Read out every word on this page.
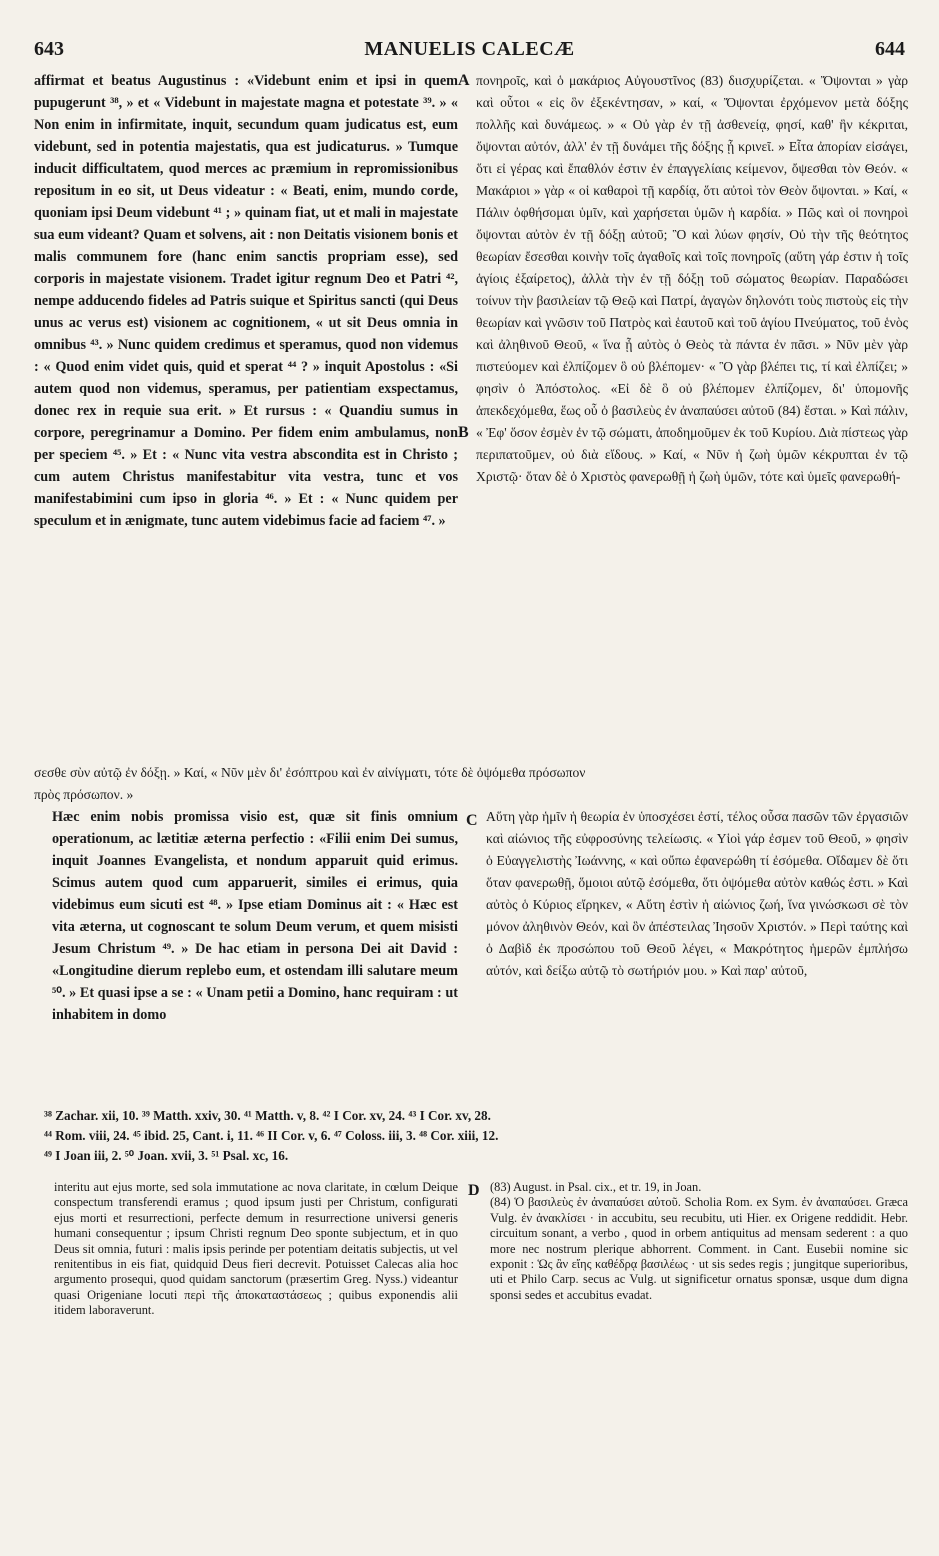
643	MANUELIS CALECÆ	644
affirmat et beatus Augustinus : «Videbunt enim et ipsi in quem pupugerunt ³⁸, » et « Videbunt in majestate magna et potestate ³⁹. » « Non enim in infirmitate, inquit, secundum quam judicatus est, eum videbunt, sed in potentia majestatis, qua est judicaturus. » Tumque inducit difficultatem, quod merces ac præmium in repromissionibus repositum in eo sit, ut Deus videatur : « Beati, enim, mundo corde, quoniam ipsi Deum videbunt ⁴¹ ; » quinam fiat, ut et mali in majestate sua eum videant? Quam et solvens, ait : non Deitatis visionem bonis et malis communem fore (hanc enim sanctis propriam esse), sed corporis in majestate visionem. Tradet igitur regnum Deo et Patri ⁴², nempe adducendo fideles ad Patris suique et Spiritus sancti (qui Deus unus ac verus est) visionem ac cognitionem, « ut sit Deus omnia in omnibus ⁴³. » Nunc quidem credimus et speramus, quod non videmus : « Quod enim videt quis, quid et sperat ⁴⁴ ? » inquit Apostolus : «Si autem quod non videmus, speramus, per patientiam exspectamus, donec rex in requie sua erit. » Et rursus : « Quandiu sumus in corpore, peregrinamur a Domino. Per fidem enim ambulamus, non per speciem ⁴⁵. » Et : « Nunc vita vestra abscondita est in Christo ; cum autem Christus manifestabitur vita vestra, tunc et vos manifestabimini cum ipso in gloria ⁴⁶. » Et : « Nunc quidem per speculum et in ænigmate, tunc autem videbimus facie ad faciem ⁴⁷. »
πονηροῖς, καὶ ὁ μακάριος Αὐγουστῖνος (83) διισχυρίζεται. « Ὄψονται » γὰρ καὶ οὗτοι « εἰς ὃν ἐξεκέντησαν, » καί, « Ὄψονται ἐρχόμενον μετὰ δόξης πολλῆς καὶ δυνάμεως. » « Οὐ γὰρ ἐν τῇ ἀσθενείᾳ, φησί, καθ' ἣν κέκριται, ὄψονται αὐτόν, ἀλλ' ἐν τῇ δυνάμει τῆς δόξης ᾗ κρινεῖ. » Εἶτα ἀπορίαν εἰσάγει, ὅτι εἰ γέρας καὶ ἔπαθλόν ἐστιν ἐν ἐπαγγελίαις κείμενον, ὄψεσθαι τὸν Θεόν. « Μακάριοι » γὰρ « οἱ καθαροὶ τῇ καρδίᾳ, ὅτι αὐτοὶ τὸν Θεὸν ὄψονται. » Καί, « Πάλιν ὀφθήσομαι ὑμῖν, καὶ χαρήσεται ὑμῶν ἡ καρδία. » Πῶς καὶ οἱ πονηροὶ ὄψονται αὐτὸν ἐν τῇ δόξῃ αὐτοῦ; Ὃ καὶ λύων φησίν, Οὐ τὴν τῆς θεότητος θεωρίαν ἔσεσθαι κοινὴν τοῖς ἀγαθοῖς καὶ τοῖς πονηροῖς (αὕτη γάρ ἐστιν ἡ τοῖς ἁγίοις ἐξαίρετος), ἀλλὰ τὴν ἐν τῇ δόξῃ τοῦ σώματος θεωρίαν. Παραδώσει τοίνυν τὴν βασιλείαν τῷ Θεῷ καὶ Πατρί, ἀγαγὼν δηλονότι τοὺς πιστοὺς εἰς τὴν θεωρίαν καὶ γνῶσιν τοῦ Πατρὸς καὶ ἑαυτοῦ καὶ τοῦ ἁγίου Πνεύματος, τοῦ ἑνὸς καὶ ἀληθινοῦ Θεοῦ, « ἵνα ᾖ αὐτὸς ὁ Θεὸς τὰ πάντα ἐν πᾶσι. » Νῦν μὲν γὰρ πιστεύομεν καὶ ἐλπίζομεν ὃ οὐ βλέπομεν· « Ὃ γὰρ βλέπει τις, τί καὶ ἐλπίζει; » φησὶν ὁ Ἀπόστολος. «Εἰ δὲ ὃ οὐ βλέπομεν ἐλπίζομεν, δι' ὑπομονῆς ἀπεκδεχόμεθα, ἕως οὗ ὁ βασιλεὺς ἐν ἀναπαύσει αὐτοῦ (84) ἔσται. » Καὶ πάλιν, « Ἐφ' ὅσον ἐσμὲν ἐν τῷ σώματι, ἀποδημοῦμεν ἐκ τοῦ Κυρίου. Διὰ πίστεως γὰρ περιπατοῦμεν, οὐ διὰ εἴδους. » Καί, « Νῦν ἡ ζωὴ ὑμῶν κέκρυπται ἐν τῷ Χριστῷ· ὅταν δὲ ὁ Χριστὸς φανερωθῇ ἡ ζωὴ ὑμῶν, τότε καὶ ὑμεῖς φανερωθή-
A
B
σεσθε σὺν αὐτῷ ἐν δόξῃ. » Καί, « Νῦν μὲν δι' ἐσόπτρου καὶ ἐν αἰνίγματι, τότε δὲ ὀψόμεθα πρόσωπον
πρὸς πρόσωπον. »
Hæc enim nobis promissa visio est, quæ sit finis omnium operationum, ac lætitiæ æterna perfectio : «Filii enim Dei sumus, inquit Joannes Evangelista, et nondum apparuit quid erimus. Scimus autem quod cum apparuerit, similes ei erimus, quia videbimus eum sicuti est ⁴⁸. » Ipse etiam Dominus ait : « Hæc est vita æterna, ut cognoscant te solum Deum verum, et quem misisti Jesum Christum ⁴⁹. » De hac etiam in persona Dei ait David : «Longitudine dierum replebo eum, et ostendam illi salutare meum ⁵⁰. » Et quasi ipse a se : « Unam petii a Domino, hanc requiram : ut inhabitem in domo
Αὕτη γὰρ ἡμῖν ἡ θεωρία ἐν ὑποσχέσει ἐστί, τέλος οὖσα πασῶν τῶν ἐργασιῶν καὶ αἰώνιος τῆς εὐφροσύνης τελείωσις. « Υἱοὶ γάρ ἐσμεν τοῦ Θεοῦ, » φησὶν ὁ Εὐαγγελιστὴς Ἰωάννης, « καὶ οὔπω ἐφανερώθη τί ἐσόμεθα. Οἴδαμεν δὲ ὅτι ὅταν φανερωθῇ, ὅμοιοι αὐτῷ ἐσόμεθα, ὅτι ὀψόμεθα αὐτὸν καθώς ἐστι. » Καὶ αὐτὸς ὁ Κύριος εἴρηκεν, « Αὕτη ἐστὶν ἡ αἰώνιος ζωή, ἵνα γινώσκωσι σὲ τὸν μόνον ἀληθινὸν Θεόν, καὶ ὃν ἀπέστειλας Ἰησοῦν Χριστόν. » Περὶ ταύτης καὶ ὁ Δαβὶδ ἐκ προσώπου τοῦ Θεοῦ λέγει, « Μακρότητος ἡμερῶν ἐμπλήσω αὐτόν, καὶ δείξω αὐτῷ τὸ σωτήριόν μου. » Καὶ παρ' αὐτοῦ,
C
³⁸ Zachar. xii, 10. ³⁹ Matth. xxiv, 30. ⁴¹ Matth. v, 8. ⁴² I Cor. xv, 24. ⁴³ I Cor. xv, 28.
⁴⁴ Rom. viii, 24. ⁴⁵ ibid. 25, Cant. i, 11. ⁴⁶ II Cor. v, 6. ⁴⁷ Coloss. iii, 3. ⁴⁸ Cor. xiii, 12.
⁴⁹ I Joan iii, 2. ⁵⁰ Joan. xvii, 3. ⁵¹ Psal. xc, 16.
interitu aut ejus morte, sed sola immutatione ac nova claritate, in cœlum Deique conspectum transferendi eramus ; quod ipsum justi per Christum, configurati ejus morti et resurrectioni, perfecte demum in resurrectione universi generis humani consequentur ; ipsum Christi regnum Deo sponte subjectum, et in quo Deus sit omnia, futuri : malis ipsis perinde per potentiam deitatis subjectis, ut vel renitentibus in eis fiat, quidquid Deus fieri decrevit. Potuisset Calecas alia hoc argumento prosequi, quod quidam sanctorum (præsertim Greg. Nyss.) videantur quasi Origeniane locuti περὶ τῆς ἀποκαταστάσεως ; quibus exponendis alii itidem laboraverunt.
D (83) August. in Psal. cix., et tr. 19, in Joan.
(84) Ὁ βασιλεὺς ἐν ἀναπαύσει αὐτοῦ. Scholia Rom. ex Sym. ἐν ἀναπαύσει. Græca Vulg. ἐν ἀνακλίσει · in accubitu, seu recubitu, uti Hier. ex Origene reddidit. Hebr. circuitum sonant, a verbo , quod in orbem antiquitus ad mensam sederent : a quo more nec nostrum plerique abhorrent. Comment. in Cant. Eusebii nomine sic exponit : Ὡς ἂν εἴης καθέδρᾳ βασιλέως · ut sis sedes regis ; jungitque superioribus, uti et Philo Carp. secus ac Vulg. ut significetur ornatus sponsæ, usque dum digna sponsi sedes et accubitus evadat.
